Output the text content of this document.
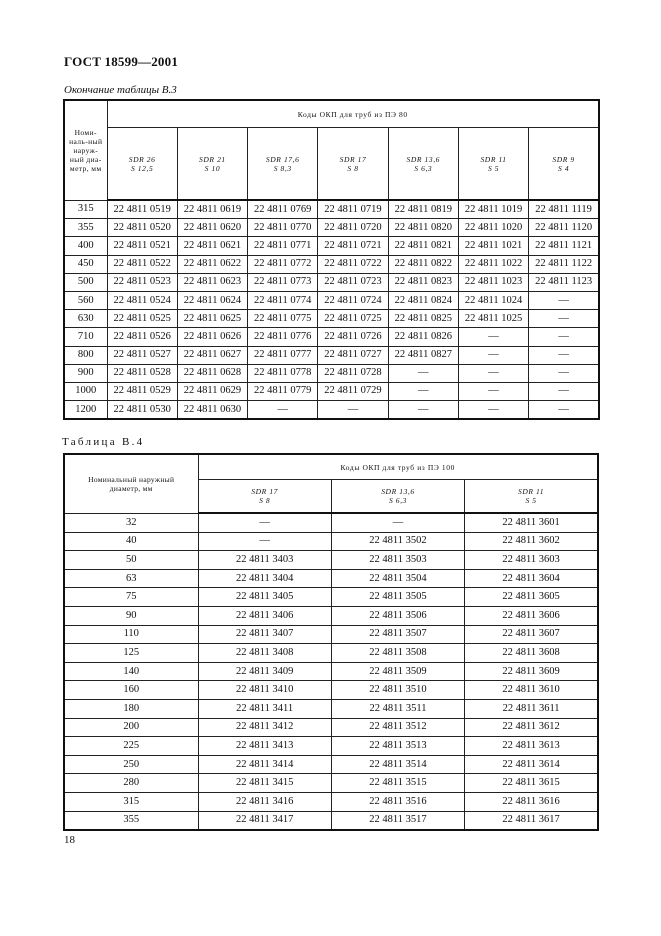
ГОСТ 18599—2001
Окончание таблицы В.3
Номи-наль-ный наруж-ный диа-метр, мм	Коды ОКП для труб из ПЭ 80						

	SDR 26
S 12,5	SDR 21
S 10	SDR 17,6
S 8,3	SDR 17
S 8	SDR 13,6
S 6,3	SDR 11
S 5	SDR 9
S 4

315	22 4811 0519	22 4811 0619	22 4811 0769	22 4811 0719	22 4811 0819	22 4811 1019	22 4811 1119
355	22 4811 0520	22 4811 0620	22 4811 0770	22 4811 0720	22 4811 0820	22 4811 1020	22 4811 1120
400	22 4811 0521	22 4811 0621	22 4811 0771	22 4811 0721	22 4811 0821	22 4811 1021	22 4811 1121
450	22 4811 0522	22 4811 0622	22 4811 0772	22 4811 0722	22 4811 0822	22 4811 1022	22 4811 1122
500	22 4811 0523	22 4811 0623	22 4811 0773	22 4811 0723	22 4811 0823	22 4811 1023	22 4811 1123
560	22 4811 0524	22 4811 0624	22 4811 0774	22 4811 0724	22 4811 0824	22 4811 1024	—
630	22 4811 0525	22 4811 0625	22 4811 0775	22 4811 0725	22 4811 0825	22 4811 1025	—
710	22 4811 0526	22 4811 0626	22 4811 0776	22 4811 0726	22 4811 0826	—	—
800	22 4811 0527	22 4811 0627	22 4811 0777	22 4811 0727	22 4811 0827	—	—
900	22 4811 0528	22 4811 0628	22 4811 0778	22 4811 0728	—	—	—
1000	22 4811 0529	22 4811 0629	22 4811 0779	22 4811 0729	—	—	—
1200	22 4811 0530	22 4811 0630	—	—	—	—	—
Таблица В.4
Номинальный наружный диаметр, мм	Коды ОКП для труб из ПЭ 100		

	SDR 17
S 8	SDR 13,6
S 6,3	SDR 11
S 5

32	—	—	22 4811 3601
40	—	22 4811 3502	22 4811 3602
50	22 4811 3403	22 4811 3503	22 4811 3603
63	22 4811 3404	22 4811 3504	22 4811 3604
75	22 4811 3405	22 4811 3505	22 4811 3605
90	22 4811 3406	22 4811 3506	22 4811 3606
110	22 4811 3407	22 4811 3507	22 4811 3607
125	22 4811 3408	22 4811 3508	22 4811 3608
140	22 4811 3409	22 4811 3509	22 4811 3609
160	22 4811 3410	22 4811 3510	22 4811 3610
180	22 4811 3411	22 4811 3511	22 4811 3611
200	22 4811 3412	22 4811 3512	22 4811 3612
225	22 4811 3413	22 4811 3513	22 4811 3613
250	22 4811 3414	22 4811 3514	22 4811 3614
280	22 4811 3415	22 4811 3515	22 4811 3615
315	22 4811 3416	22 4811 3516	22 4811 3616
355	22 4811 3417	22 4811 3517	22 4811 3617
18
